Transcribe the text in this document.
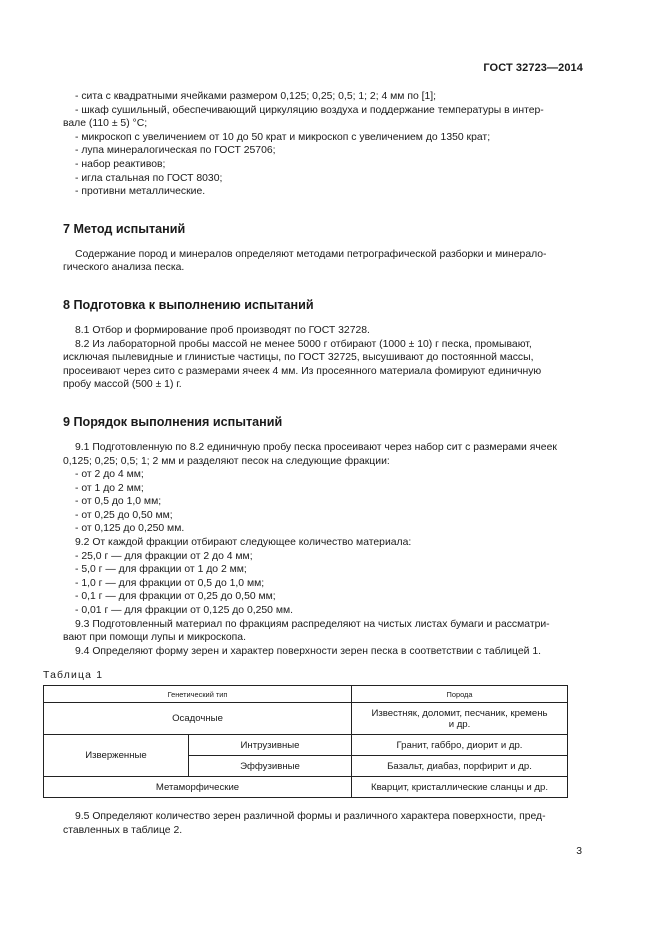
ГОСТ 32723—2014

- сита с квадратными ячейками размером 0,125; 0,25; 0,5; 1; 2; 4 мм по [1];

- шкаф сушильный, обеспечивающий циркуляцию воздуха и поддержание температуры в интер-

вале (110 ± 5) °С;

- микроскоп с увеличением от 10 до 50 крат и микроскоп с увеличением до 1350 крат;

- лупа минералогическая по ГОСТ 25706;

- набор реактивов;

- игла стальная по ГОСТ 8030;

- противни металлические.

7 Метод испытаний

Содержание пород и минералов определяют методами петрографической разборки и минерало-

гического анализа песка.

8 Подготовка к выполнению испытаний

8.1 Отбор и формирование проб производят по ГОСТ 32728.

8.2 Из лабораторной пробы массой не менее 5000 г отбирают (1000 ± 10) г песка, промывают,

исключая пылевидные и глинистые частицы, по ГОСТ 32725, высушивают до постоянной массы,

просеивают через сито с размерами ячеек 4 мм. Из просеянного материала фомируют единичную

пробу массой (500 ± 1) г.

9 Порядок выполнения испытаний

9.1 Подготовленную по 8.2 единичную пробу песка просеивают через набор сит с размерами ячеек

0,125; 0,25; 0,5; 1; 2 мм и разделяют песок на следующие фракции:

- от 2 до 4 мм;

- от 1 до 2 мм;

- от 0,5 до 1,0 мм;

- от 0,25 до 0,50 мм;

- от 0,125 до 0,250 мм.

9.2 От каждой фракции отбирают следующее количество материала:

- 25,0 г — для фракции от 2 до 4 мм;

- 5,0 г — для фракции от 1 до 2 мм;

- 1,0 г — для фракции от 0,5 до 1,0 мм;

- 0,1 г — для фракции от 0,25 до 0,50 мм;

- 0,01 г — для фракции от 0,125 до 0,250 мм.

9.3 Подготовленный материал по фракциям распределяют на чистых листах бумаги и рассматри-

вают при помощи лупы и микроскопа.

9.4 Определяют форму зерен и характер поверхности зерен песка в соответствии с таблицей 1.

Таблица 1
Генетический тип		Порода
Осадочные		Известняк, доломит, песчаник, кремень
и др.

Изверженные	Интрузивные	Гранит, габбро, диорит и др.
	Эффузивные	Базальт, диабаз, порфирит и др.
Метаморфические		Кварцит, кристаллические сланцы и др.

9.5 Определяют количество зерен различной формы и различного характера поверхности, пред-

ставленных в таблице 2.

3
